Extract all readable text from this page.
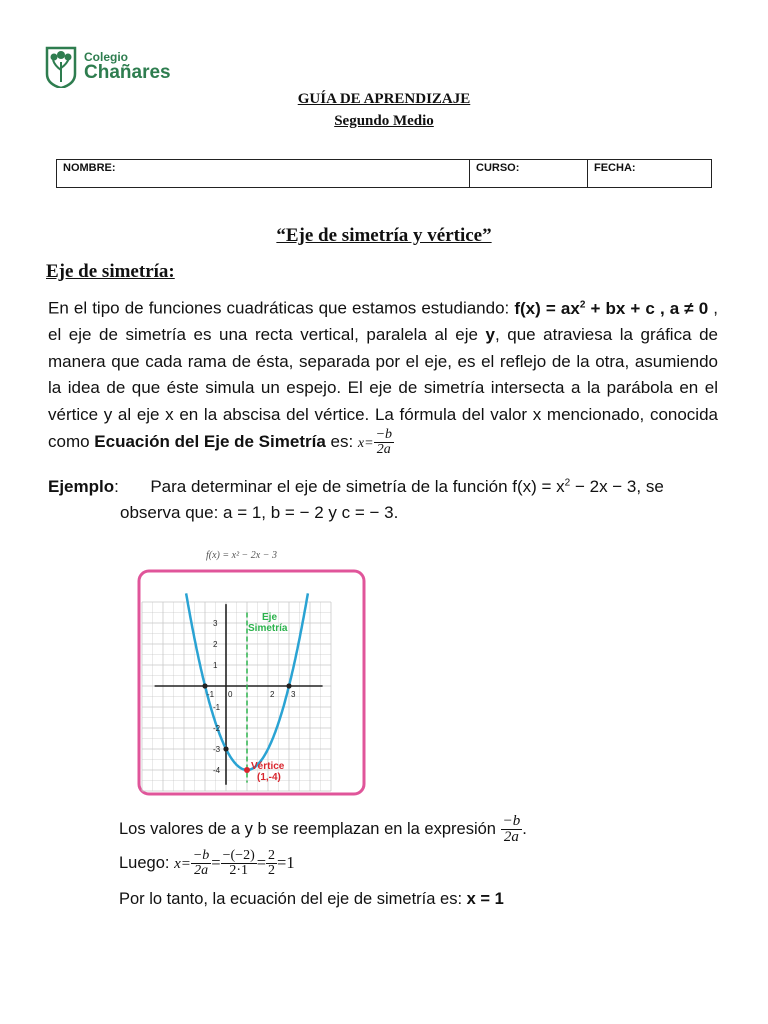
Colegio
Chañares
GUÍA DE APRENDIZAJE
Segundo Medio
NOMBRE:	CURSO:	FECHA:
“Eje de simetría y vértice”
Eje de simetría:

En el tipo de funciones cuadráticas que estamos estudiando: $f(x) = ax^2$ + bx + c , a ≠ 0 , el eje de simetría es una recta vertical, paralela al eje y, que atraviesa la gráfica de manera que cada rama de ésta, separada por el eje, es el reflejo de la otra, asumiendo la idea de que éste simula un espejo. El eje de simetría intersecta a la parábola en el vértice y al eje x en la abscisa del vértice. La fórmula del valor x mencionado, conocida como Ecuación del Eje de Simetría es: $x= \frac{-b}{2a}$

Ejemplo: Para determinar el eje de simetría de la función $f(x) = x^2 - 2x - 3$, se
observa que: a = 1, b = − 2 y c = − 3.
f(x) = x² − 2x − 3
3
2
1
-1
-2
-3
-4
-1 0	2 3
Eje
Simetría
Vértice
(1,-4)
Los valores de a y b se reemplazan en la expresión $\frac{-b}{2a}$ .
Luego: $x= \frac{-b}{2a} = \frac{-(-2)}{2\cdot 1} = \frac{2}{2} =1$
Por lo tanto, la ecuación del eje de simetría es: x = 1
